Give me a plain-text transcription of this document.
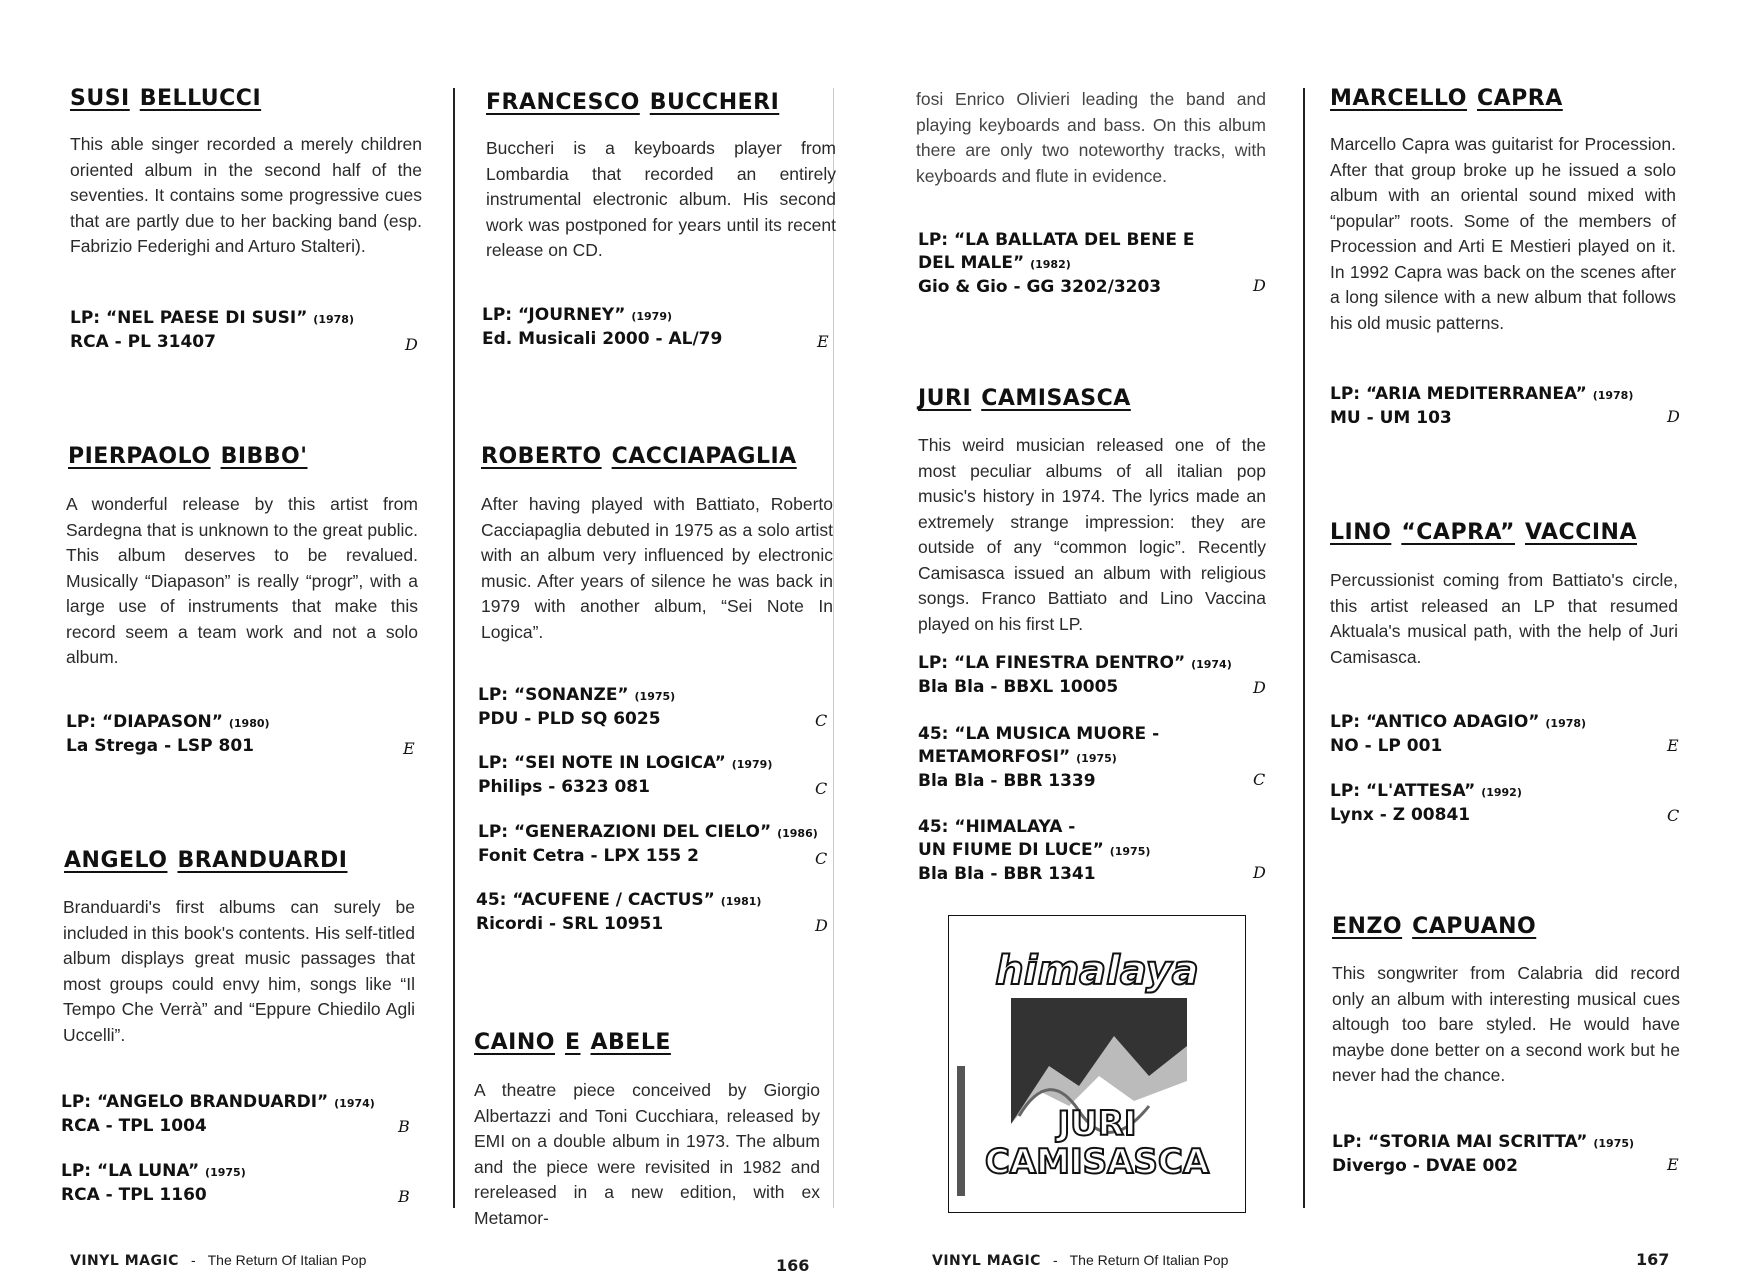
SUSI BELLUCCI
This able singer recorded a merely children oriented album in the second half of the seventies. It contains some progressive cues that are partly due to her backing band (esp. Fabrizio Federighi and Arturo Stalteri).
LP: “NEL PAESE DI SUSI” (1978)
RCA - PL 31407	D
PIERPAOLO BIBBO'
A wonderful release by this artist from Sardegna that is unknown to the great public. This album deserves to be revalued. Musically “Diapason” is really “progr”, with a large use of instruments that make this record seem a team work and not a solo album.
LP: “DIAPASON” (1980)
La Strega - LSP 801	E
ANGELO BRANDUARDI
Branduardi's first albums can surely be included in this book's contents. His self-titled album displays great music passages that most groups could envy him, songs like “Il Tempo Che Verrà” and “Eppure Chiedilo Agli Uccelli”.
LP: “ANGELO BRANDUARDI” (1974)
RCA - TPL 1004	B
LP: “LA LUNA” (1975)
RCA - TPL 1160	B
FRANCESCO BUCCHERI
Buccheri is a keyboards player from Lombardia that recorded an entirely instrumental electronic album. His second work was postponed for years until its recent release on CD.
LP: “JOURNEY” (1979)
Ed. Musicali 2000 - AL/79	E
ROBERTO CACCIAPAGLIA
After having played with Battiato, Roberto Cacciapaglia debuted in 1975 as a solo artist with an album very influenced by electronic music. After years of silence he was back in 1979 with another album, “Sei Note In Logica”.
LP: “SONANZE” (1975)
PDU - PLD SQ 6025	C
LP: “SEI NOTE IN LOGICA” (1979)
Philips - 6323 081	C
LP: “GENERAZIONI DEL CIELO” (1986)
Fonit Cetra - LPX 155 2	C
45: “ACUFENE / CACTUS” (1981)
Ricordi - SRL 10951	D
CAINO E ABELE
A theatre piece conceived by Giorgio Albertazzi and Toni Cucchiara, released by EMI on a double album in 1973. The album and the piece were revisited in 1982 and rereleased in a new edition, with ex Metamor-
VINYL MAGIC - The Return Of Italian Pop	166
fosi Enrico Olivieri leading the band and playing keyboards and bass. On this album there are only two noteworthy tracks, with keyboards and flute in evidence.
LP: “LA BALLATA DEL BENE E
DEL MALE” (1982)
Gio & Gio - GG 3202/3203	D
JURI CAMISASCA
This weird musician released one of the most peculiar albums of all italian pop music's history in 1974. The lyrics made an extremely strange impression: they are outside of any “common logic”. Recently Camisasca issued an album with religious songs. Franco Battiato and Lino Vaccina played on his first LP.
LP: “LA FINESTRA DENTRO” (1974)
Bla Bla - BBXL 10005	D
45: “LA MUSICA MUORE -
METAMORFOSI” (1975)
Bla Bla - BBR 1339	C
45: “HIMALAYA -
UN FIUME DI LUCE” (1975)
Bla Bla - BBR 1341	D
himalaya
JURI
CAMISASCA
MARCELLO CAPRA
Marcello Capra was guitarist for Procession. After that group broke up he issued a solo album with an oriental sound mixed with “popular” roots. Some of the members of Procession and Arti E Mestieri played on it. In 1992 Capra was back on the scenes after a long silence with a new album that follows his old music patterns.
LP: “ARIA MEDITERRANEA” (1978)
MU - UM 103	D
LINO “CAPRA” VACCINA
Percussionist coming from Battiato's circle, this artist released an LP that resumed Aktuala's musical path, with the help of Juri Camisasca.
LP: “ANTICO ADAGIO” (1978)
NO - LP 001	E
LP: “L'ATTESA” (1992)
Lynx - Z 00841	C
ENZO CAPUANO
This songwriter from Calabria did record only an album with interesting musical cues altough too bare styled. He would have maybe done better on a second work but he never had the chance.
LP: “STORIA MAI SCRITTA” (1975)
Divergo - DVAE 002	E
VINYL MAGIC - The Return Of Italian Pop	167
